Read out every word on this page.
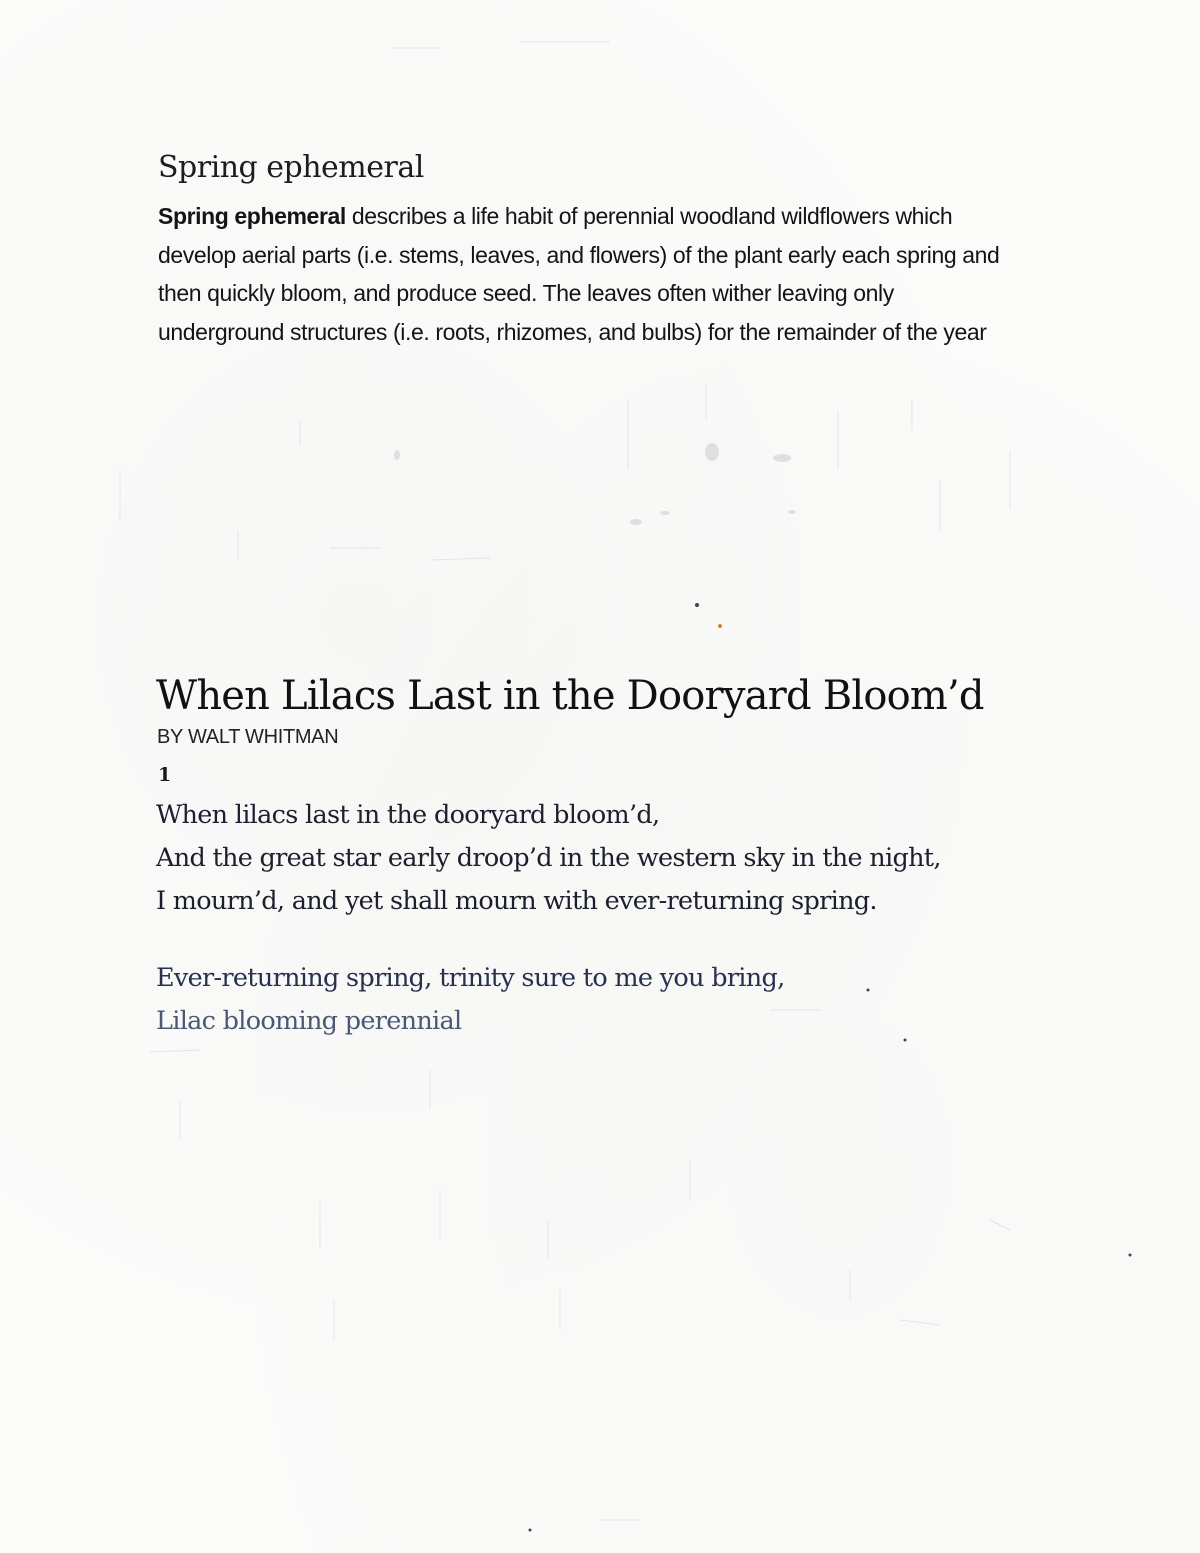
Spring ephemeral

Spring ephemeral describes a life habit of perennial woodland wildflowers which develop aerial parts (i.e. stems, leaves, and flowers) of the plant early each spring and then quickly bloom, and produce seed. The leaves often wither leaving only underground structures (i.e. roots, rhizomes, and bulbs) for the remainder of the year

When Lilacs Last in the Dooryard Bloom’d
BY WALT WHITMAN
1
When lilacs last in the dooryard bloom’d,
And the great star early droop’d in the western sky in the night,
I mourn’d, and yet shall mourn with ever-returning spring.
Ever-returning spring, trinity sure to me you bring,
Lilac blooming perennial
